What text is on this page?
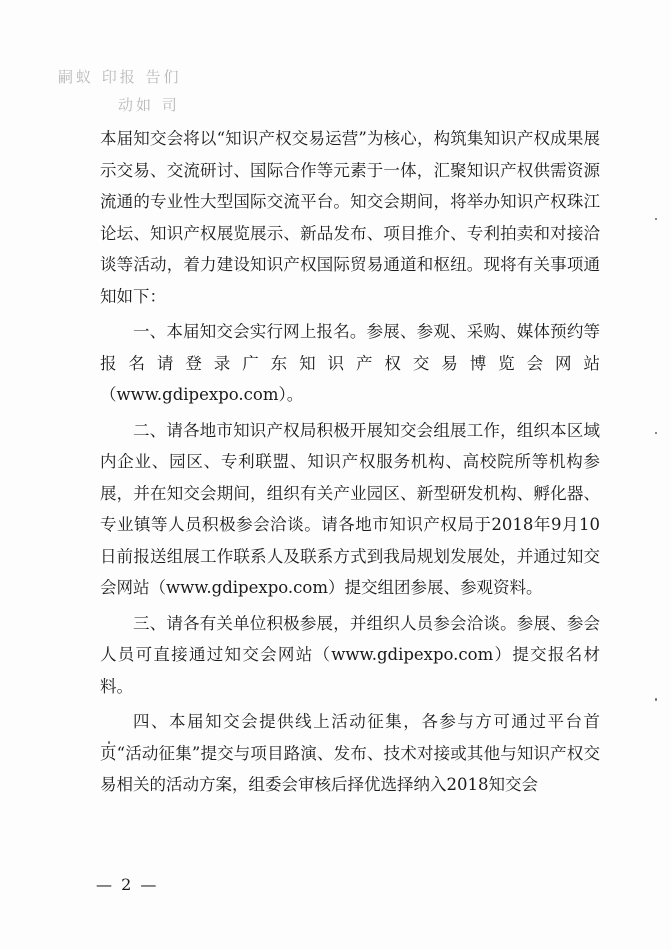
嗣蚁 印报 告们
动如 司

本届知交会将以“知识产权交易运营”为核心，构筑集知识产权成果展示交易、交流研讨、国际合作等元素于一体，汇聚知识产权供需资源流通的专业性大型国际交流平台。知交会期间，将举办知识产权珠江论坛、知识产权展览展示、新品发布、项目推介、专利拍卖和对接洽谈等活动，着力建设知识产权国际贸易通道和枢纽。现将有关事项通知如下：

一、本届知交会实行网上报名。参展、参观、采购、媒体预约等报名请登录广东知识产权交易博览会网站（www.gdipexpo.com）。

二、请各地市知识产权局积极开展知交会组展工作，组织本区域内企业、园区、专利联盟、知识产权服务机构、高校院所等机构参展，并在知交会期间，组织有关产业园区、新型研发机构、孵化器、专业镇等人员积极参会洽谈。请各地市知识产权局于2018年9月10日前报送组展工作联系人及联系方式到我局规划发展处，并通过知交会网站（www.gdipexpo.com）提交组团参展、参观资料。

三、请各有关单位积极参展，并组织人员参会洽谈。参展、参会人员可直接通过知交会网站（www.gdipexpo.com）提交报名材料。

四、本届知交会提供线上活动征集，各参与方可通过平台首页“活动征集”提交与项目路演、发布、技术对接或其他与知识产权交易相关的活动方案，组委会审核后择优选择纳入2018知交会

— 2 —
